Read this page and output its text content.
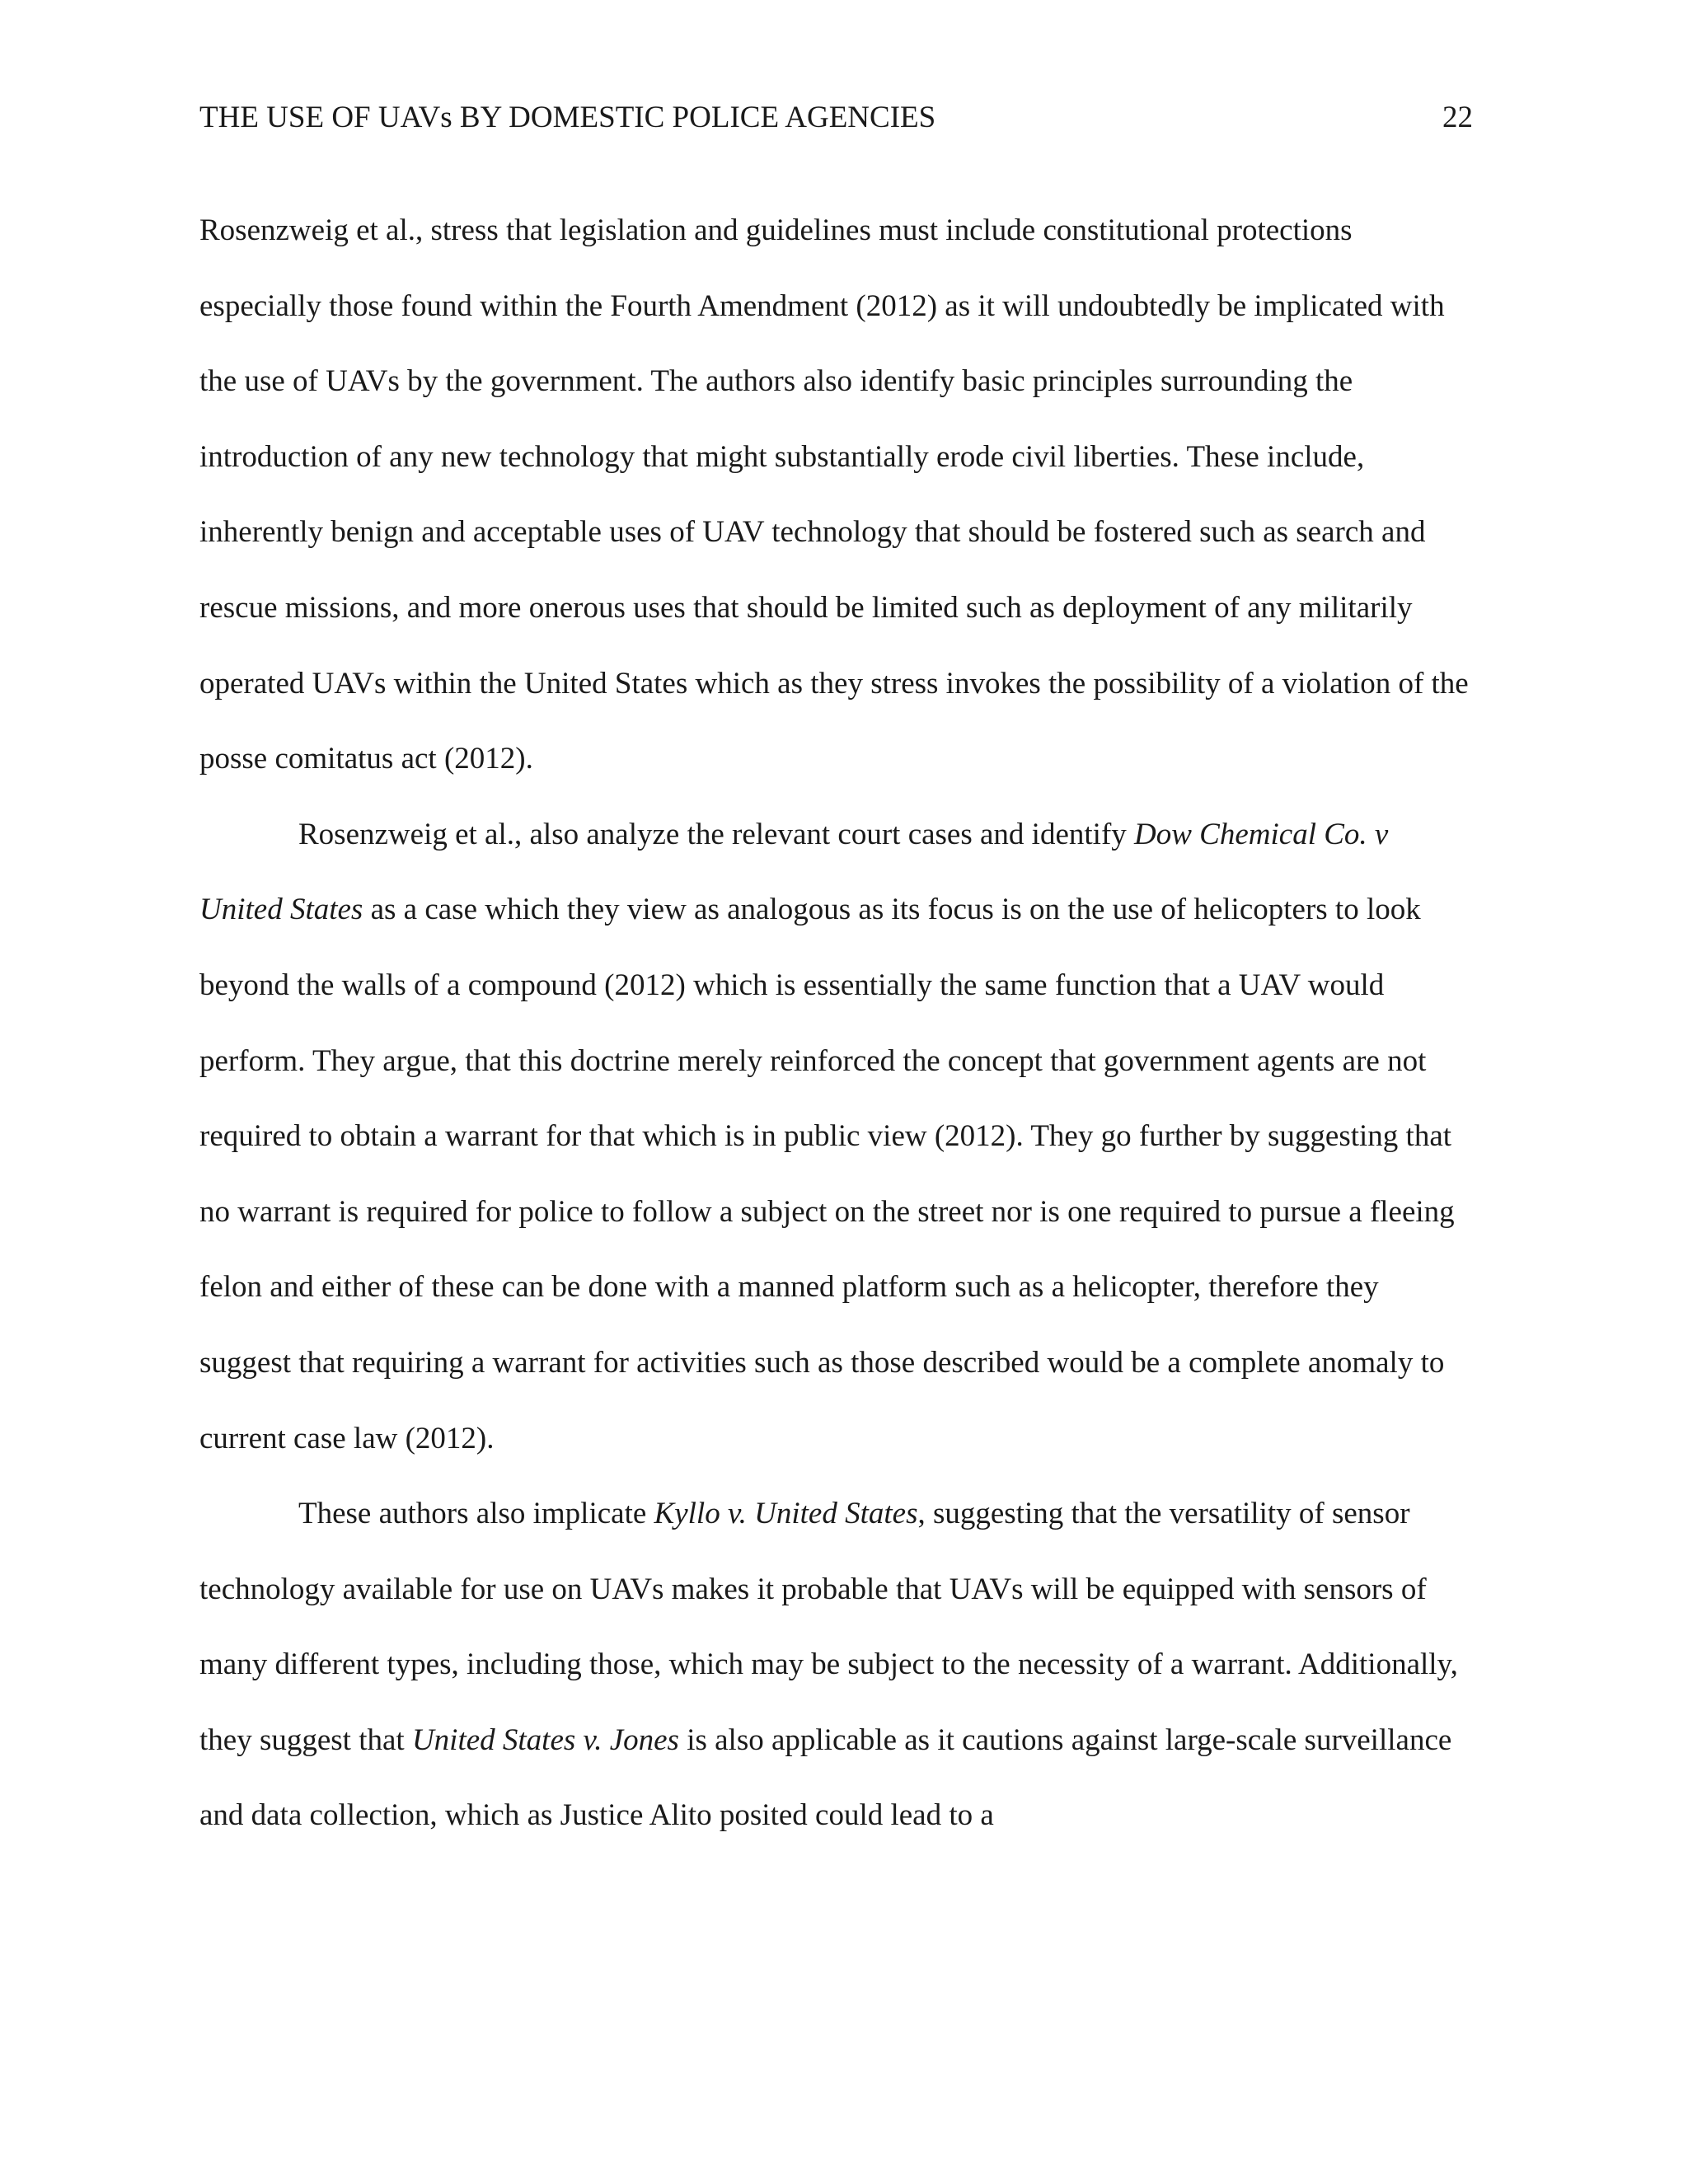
THE USE OF UAVs BY DOMESTIC POLICE AGENCIES	22

Rosenzweig et al., stress that legislation and guidelines must include constitutional protections especially those found within the Fourth Amendment (2012) as it will undoubtedly be implicated with the use of UAVs by the government. The authors also identify basic principles surrounding the introduction of any new technology that might substantially erode civil liberties. These include, inherently benign and acceptable uses of UAV technology that should be fostered such as search and rescue missions, and more onerous uses that should be limited such as deployment of any militarily operated UAVs within the United States which as they stress invokes the possibility of a violation of the posse comitatus act (2012).

Rosenzweig et al., also analyze the relevant court cases and identify Dow Chemical Co. v United States as a case which they view as analogous as its focus is on the use of helicopters to look beyond the walls of a compound (2012) which is essentially the same function that a UAV would perform. They argue, that this doctrine merely reinforced the concept that government agents are not required to obtain a warrant for that which is in public view (2012). They go further by suggesting that no warrant is required for police to follow a subject on the street nor is one required to pursue a fleeing felon and either of these can be done with a manned platform such as a helicopter, therefore they suggest that requiring a warrant for activities such as those described would be a complete anomaly to current case law (2012).

These authors also implicate Kyllo v. United States, suggesting that the versatility of sensor technology available for use on UAVs makes it probable that UAVs will be equipped with sensors of many different types, including those, which may be subject to the necessity of a warrant. Additionally, they suggest that United States v. Jones is also applicable as it cautions against large-scale surveillance and data collection, which as Justice Alito posited could lead to a
